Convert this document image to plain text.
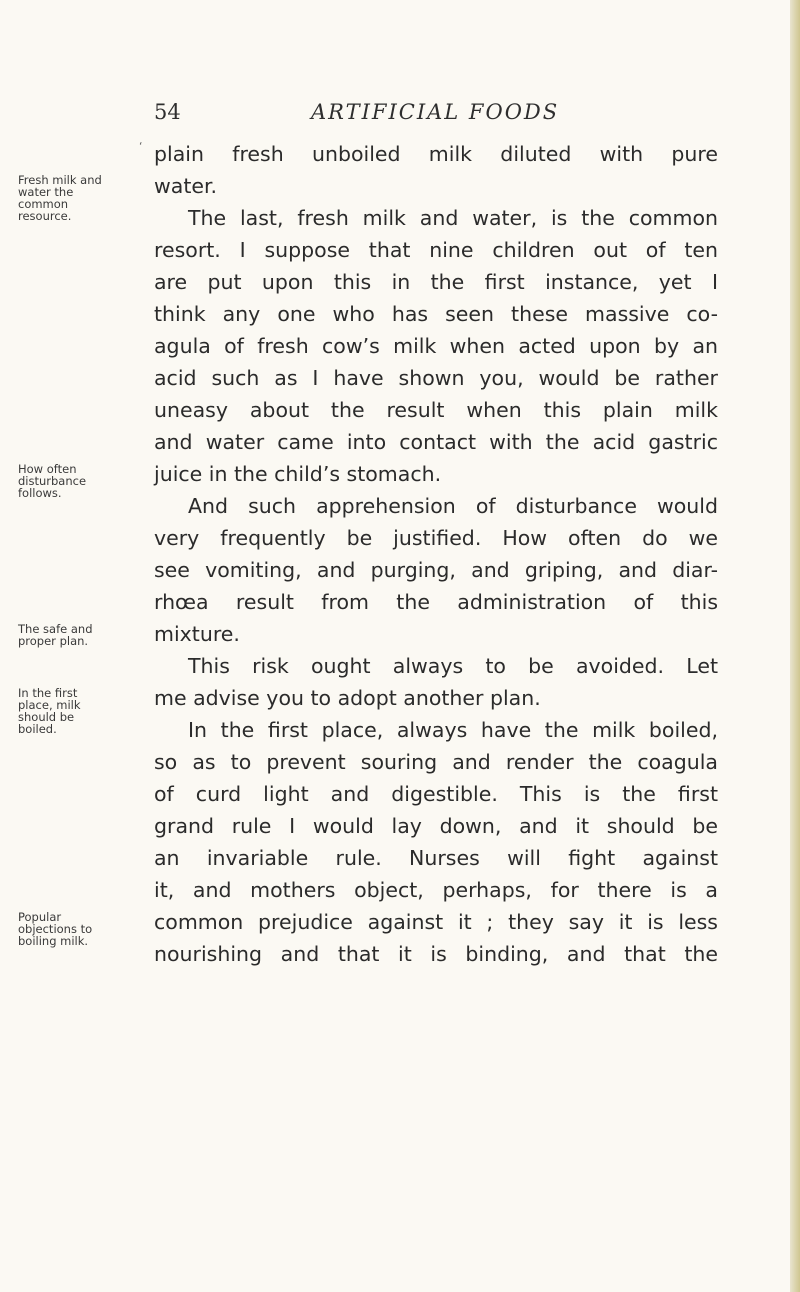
54	ARTIFICIAL FOODS
‘
Fresh milk and water the common resource.
How often disturbance follows.
The safe and proper plan.
In the first place, milk should be boiled.
Popular objections to boiling milk.

plain fresh unboiled milk diluted with pure
water.

The last, fresh milk and water, is the common
resort. I suppose that nine children out of ten
are put upon this in the first instance, yet I
think any one who has seen these massive co-
agula of fresh cow’s milk when acted upon by an
acid such as I have shown you, would be rather
uneasy about the result when this plain milk
and water came into contact with the acid gastric
juice in the child’s stomach.

And such apprehension of disturbance would
very frequently be justified. How often do we
see vomiting, and purging, and griping, and diar-
rhœa result from the administration of this
mixture.

This risk ought always to be avoided. Let
me advise you to adopt another plan.

In the first place, always have the milk boiled,
so as to prevent souring and render the coagula
of curd light and digestible. This is the first
grand rule I would lay down, and it should be
an invariable rule. Nurses will fight against
it, and mothers object, perhaps, for there is a
common prejudice against it ; they say it is less
nourishing and that it is binding, and that the
